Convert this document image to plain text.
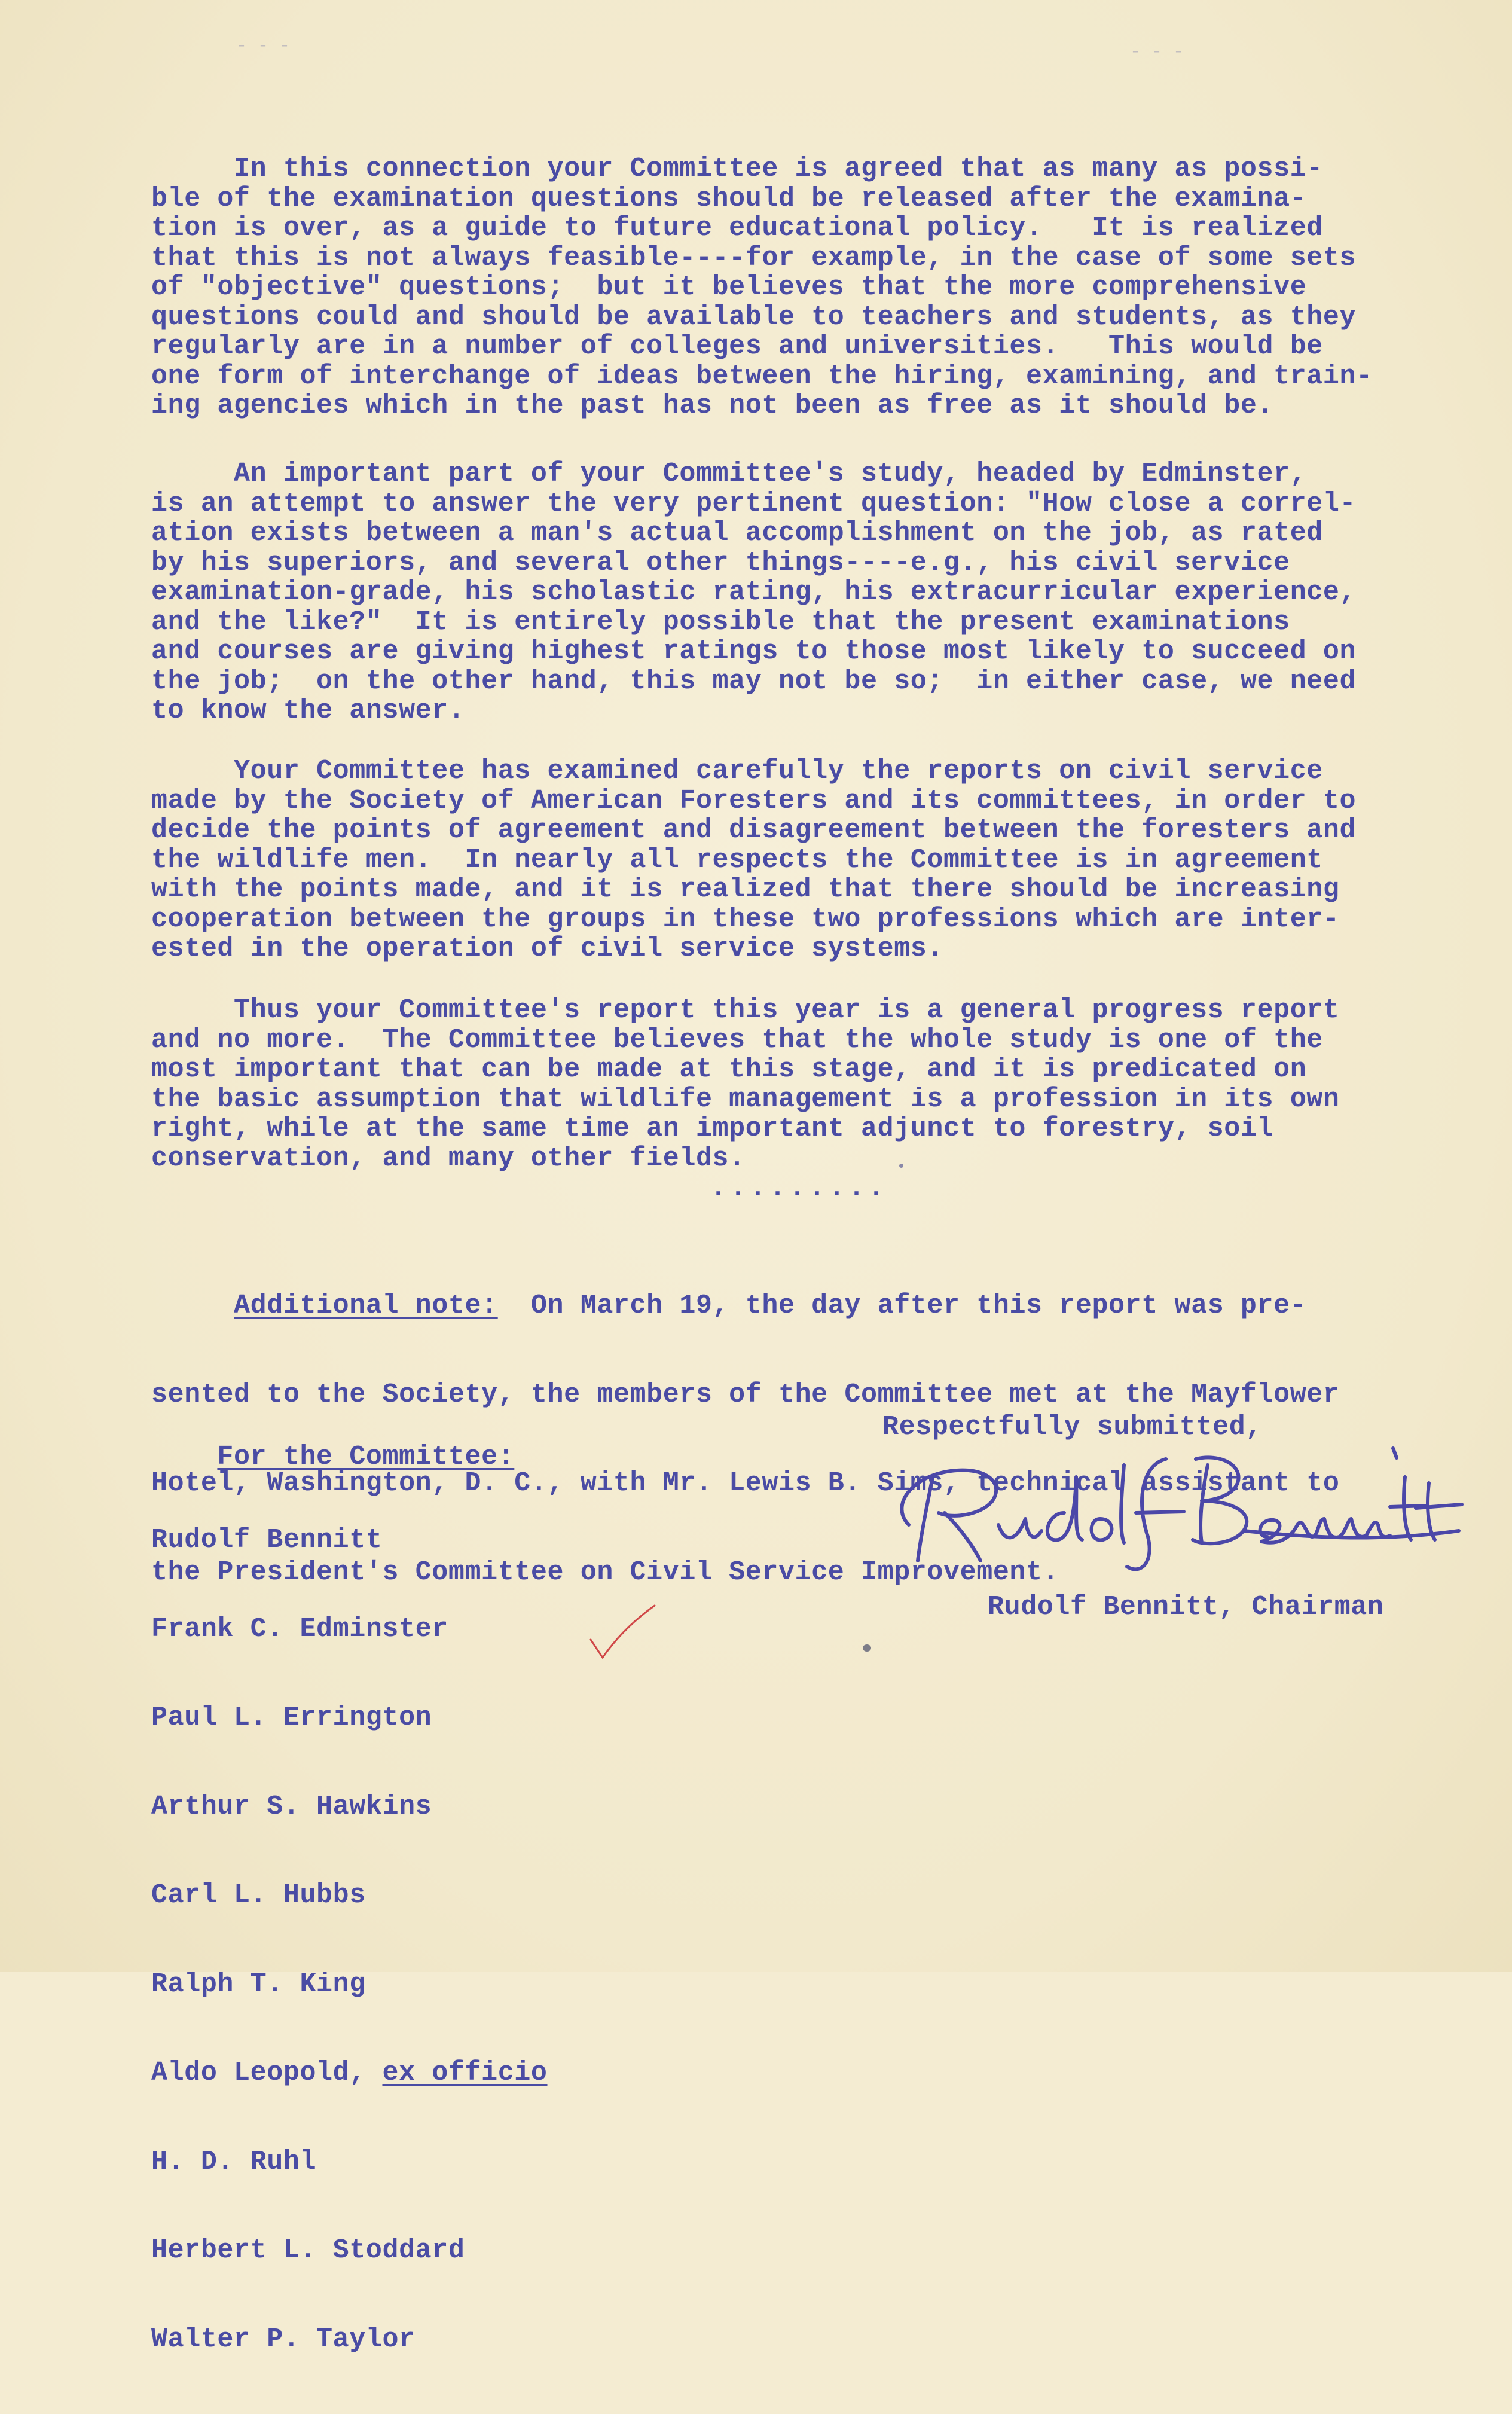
In this connection your Committee is agreed that as many as possi-
ble of the examination questions should be released after the examina-
tion is over, as a guide to future educational policy.   It is realized
that this is not always feasible----for example, in the case of some sets
of "objective" questions;  but it believes that the more comprehensive
questions could and should be available to teachers and students, as they
regularly are in a number of colleges and universities.   This would be
one form of interchange of ideas between the hiring, examining, and train-
ing agencies which in the past has not been as free as it should be.
An important part of your Committee's study, headed by Edminster,
is an attempt to answer the very pertinent question: "How close a correl-
ation exists between a man's actual accomplishment on the job, as rated
by his superiors, and several other things----e.g., his civil service
examination-grade, his scholastic rating, his extracurricular experience,
and the like?"  It is entirely possible that the present examinations
and courses are giving highest ratings to those most likely to succeed on
the job;  on the other hand, this may not be so;  in either case, we need
to know the answer.
Your Committee has examined carefully the reports on civil service
made by the Society of American Foresters and its committees, in order to
decide the points of agreement and disagreement between the foresters and
the wildlife men.  In nearly all respects the Committee is in agreement
with the points made, and it is realized that there should be increasing
cooperation between the groups in these two professions which are inter-
ested in the operation of civil service systems.
Thus your Committee's report this year is a general progress report
and no more.  The Committee believes that the whole study is one of the
most important that can be made at this stage, and it is predicated on
the basic assumption that wildlife management is a profession in its own
right, while at the same time an important adjunct to forestry, soil
conservation, and many other fields.
.........

Additional note:  On March 19, the day after this report was pre-

sented to the Society, the members of the Committee met at the Mayflower

Hotel, Washington, D. C., with Mr. Lewis B. Sims, technical assistant to

the President's Committee on Civil Service Improvement.

For the Committee:

Rudolf Bennitt

Frank C. Edminster

Paul L. Errington

Arthur S. Hawkins

Carl L. Hubbs

Ralph T. King

Aldo Leopold, ex officio

H. D. Ruhl

Herbert L. Stoddard

Walter P. Taylor

Respectfully submitted,
Rudolf Bennitt, Chairman
- - -	- - -
